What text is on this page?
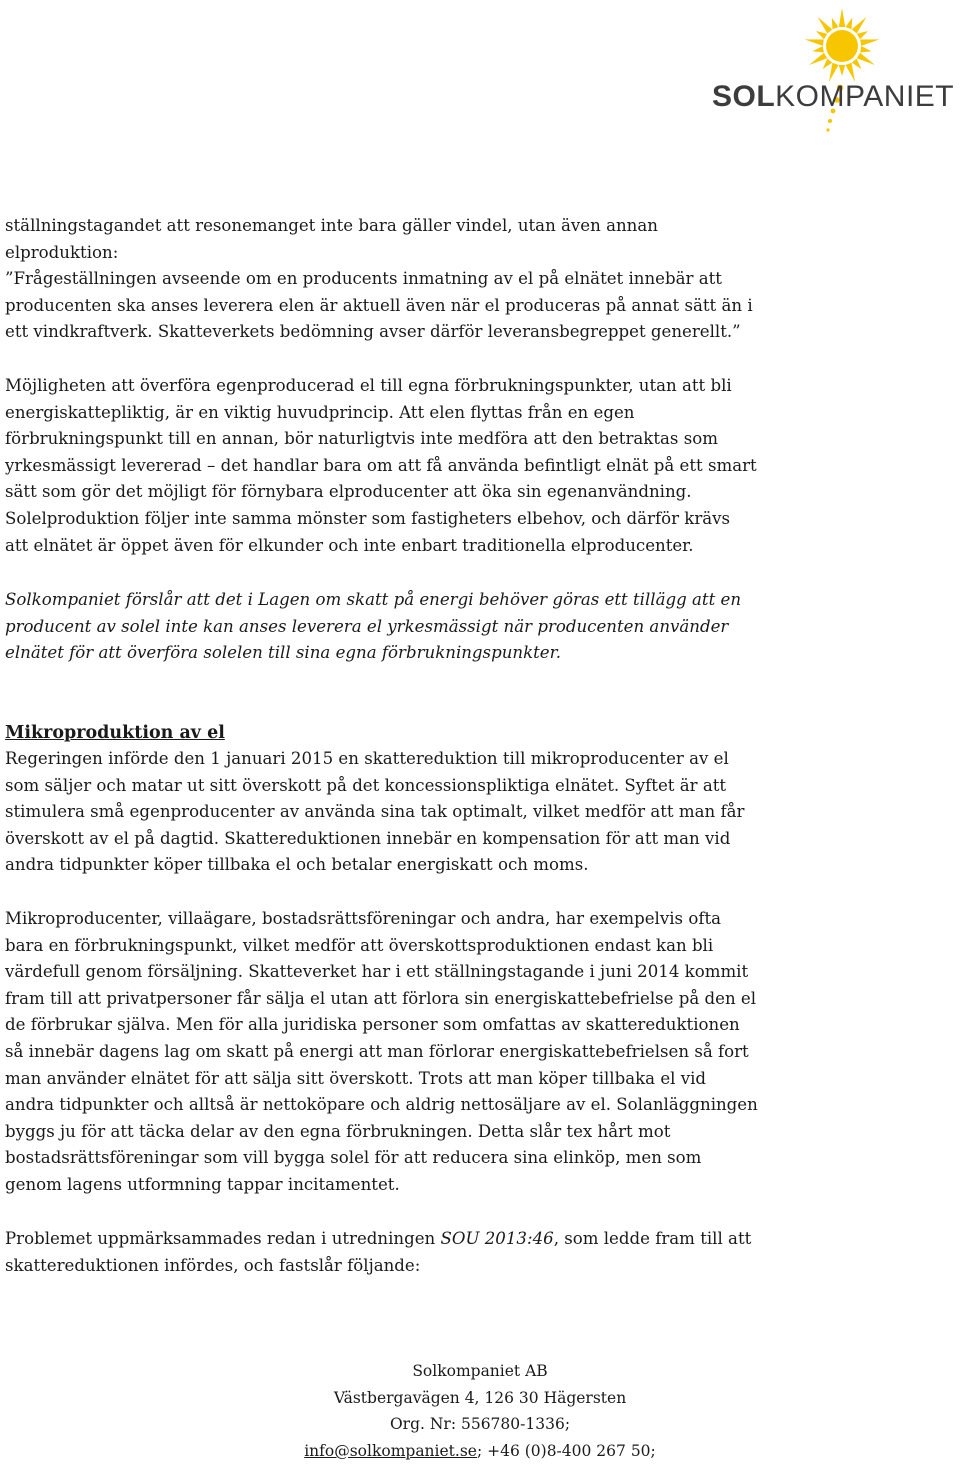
SOLKOMPANIET
ställningstagandet att resonemanget inte bara gäller vindel, utan även annan
elproduktion:
”Frågeställningen avseende om en producents inmatning av el på elnätet innebär att
producenten ska anses leverera elen är aktuell även när el produceras på annat sätt än i
ett vindkraftverk. Skatteverkets bedömning avser därför leveransbegreppet generellt.”
Möjligheten att överföra egenproducerad el till egna förbrukningspunkter, utan att bli
energiskattepliktig, är en viktig huvudprincip. Att elen flyttas från en egen
förbrukningspunkt till en annan, bör naturligtvis inte medföra att den betraktas som
yrkesmässigt levererad – det handlar bara om att få använda befintligt elnät på ett smart
sätt som gör det möjligt för förnybara elproducenter att öka sin egenanvändning.
Solelproduktion följer inte samma mönster som fastigheters elbehov, och därför krävs
att elnätet är öppet även för elkunder och inte enbart traditionella elproducenter.
Solkompaniet förslår att det i Lagen om skatt på energi behöver göras ett tillägg att en
producent av solel inte kan anses leverera el yrkesmässigt när producenten använder
elnätet för att överföra solelen till sina egna förbrukningspunkter.
Mikroproduktion av el
Regeringen införde den 1 januari 2015 en skattereduktion till mikroproducenter av el
som säljer och matar ut sitt överskott på det koncessionspliktiga elnätet. Syftet är att
stimulera små egenproducenter av använda sina tak optimalt, vilket medför att man får
överskott av el på dagtid. Skattereduktionen innebär en kompensation för att man vid
andra tidpunkter köper tillbaka el och betalar energiskatt och moms.
Mikroproducenter, villaägare, bostadsrättsföreningar och andra, har exempelvis ofta
bara en förbrukningspunkt, vilket medför att överskottsproduktionen endast kan bli
värdefull genom försäljning. Skatteverket har i ett ställningstagande i juni 2014 kommit
fram till att privatpersoner får sälja el utan att förlora sin energiskattebefrielse på den el
de förbrukar själva. Men för alla juridiska personer som omfattas av skattereduktionen
så innebär dagens lag om skatt på energi att man förlorar energiskattebefrielsen så fort
man använder elnätet för att sälja sitt överskott. Trots att man köper tillbaka el vid
andra tidpunkter och alltså är nettoköpare och aldrig nettosäljare av el. Solanläggningen
byggs ju för att täcka delar av den egna förbrukningen. Detta slår tex hårt mot
bostadsrättsföreningar som vill bygga solel för att reducera sina elinköp, men som
genom lagens utformning tappar incitamentet.
Problemet uppmärksammades redan i utredningen SOU 2013:46, som ledde fram till att
skattereduktionen infördes, och fastslår följande:
Solkompaniet AB
Västbergavägen 4, 126 30 Hägersten
Org. Nr: 556780-1336;
info@solkompaniet.se; +46 (0)8-400 267 50;
